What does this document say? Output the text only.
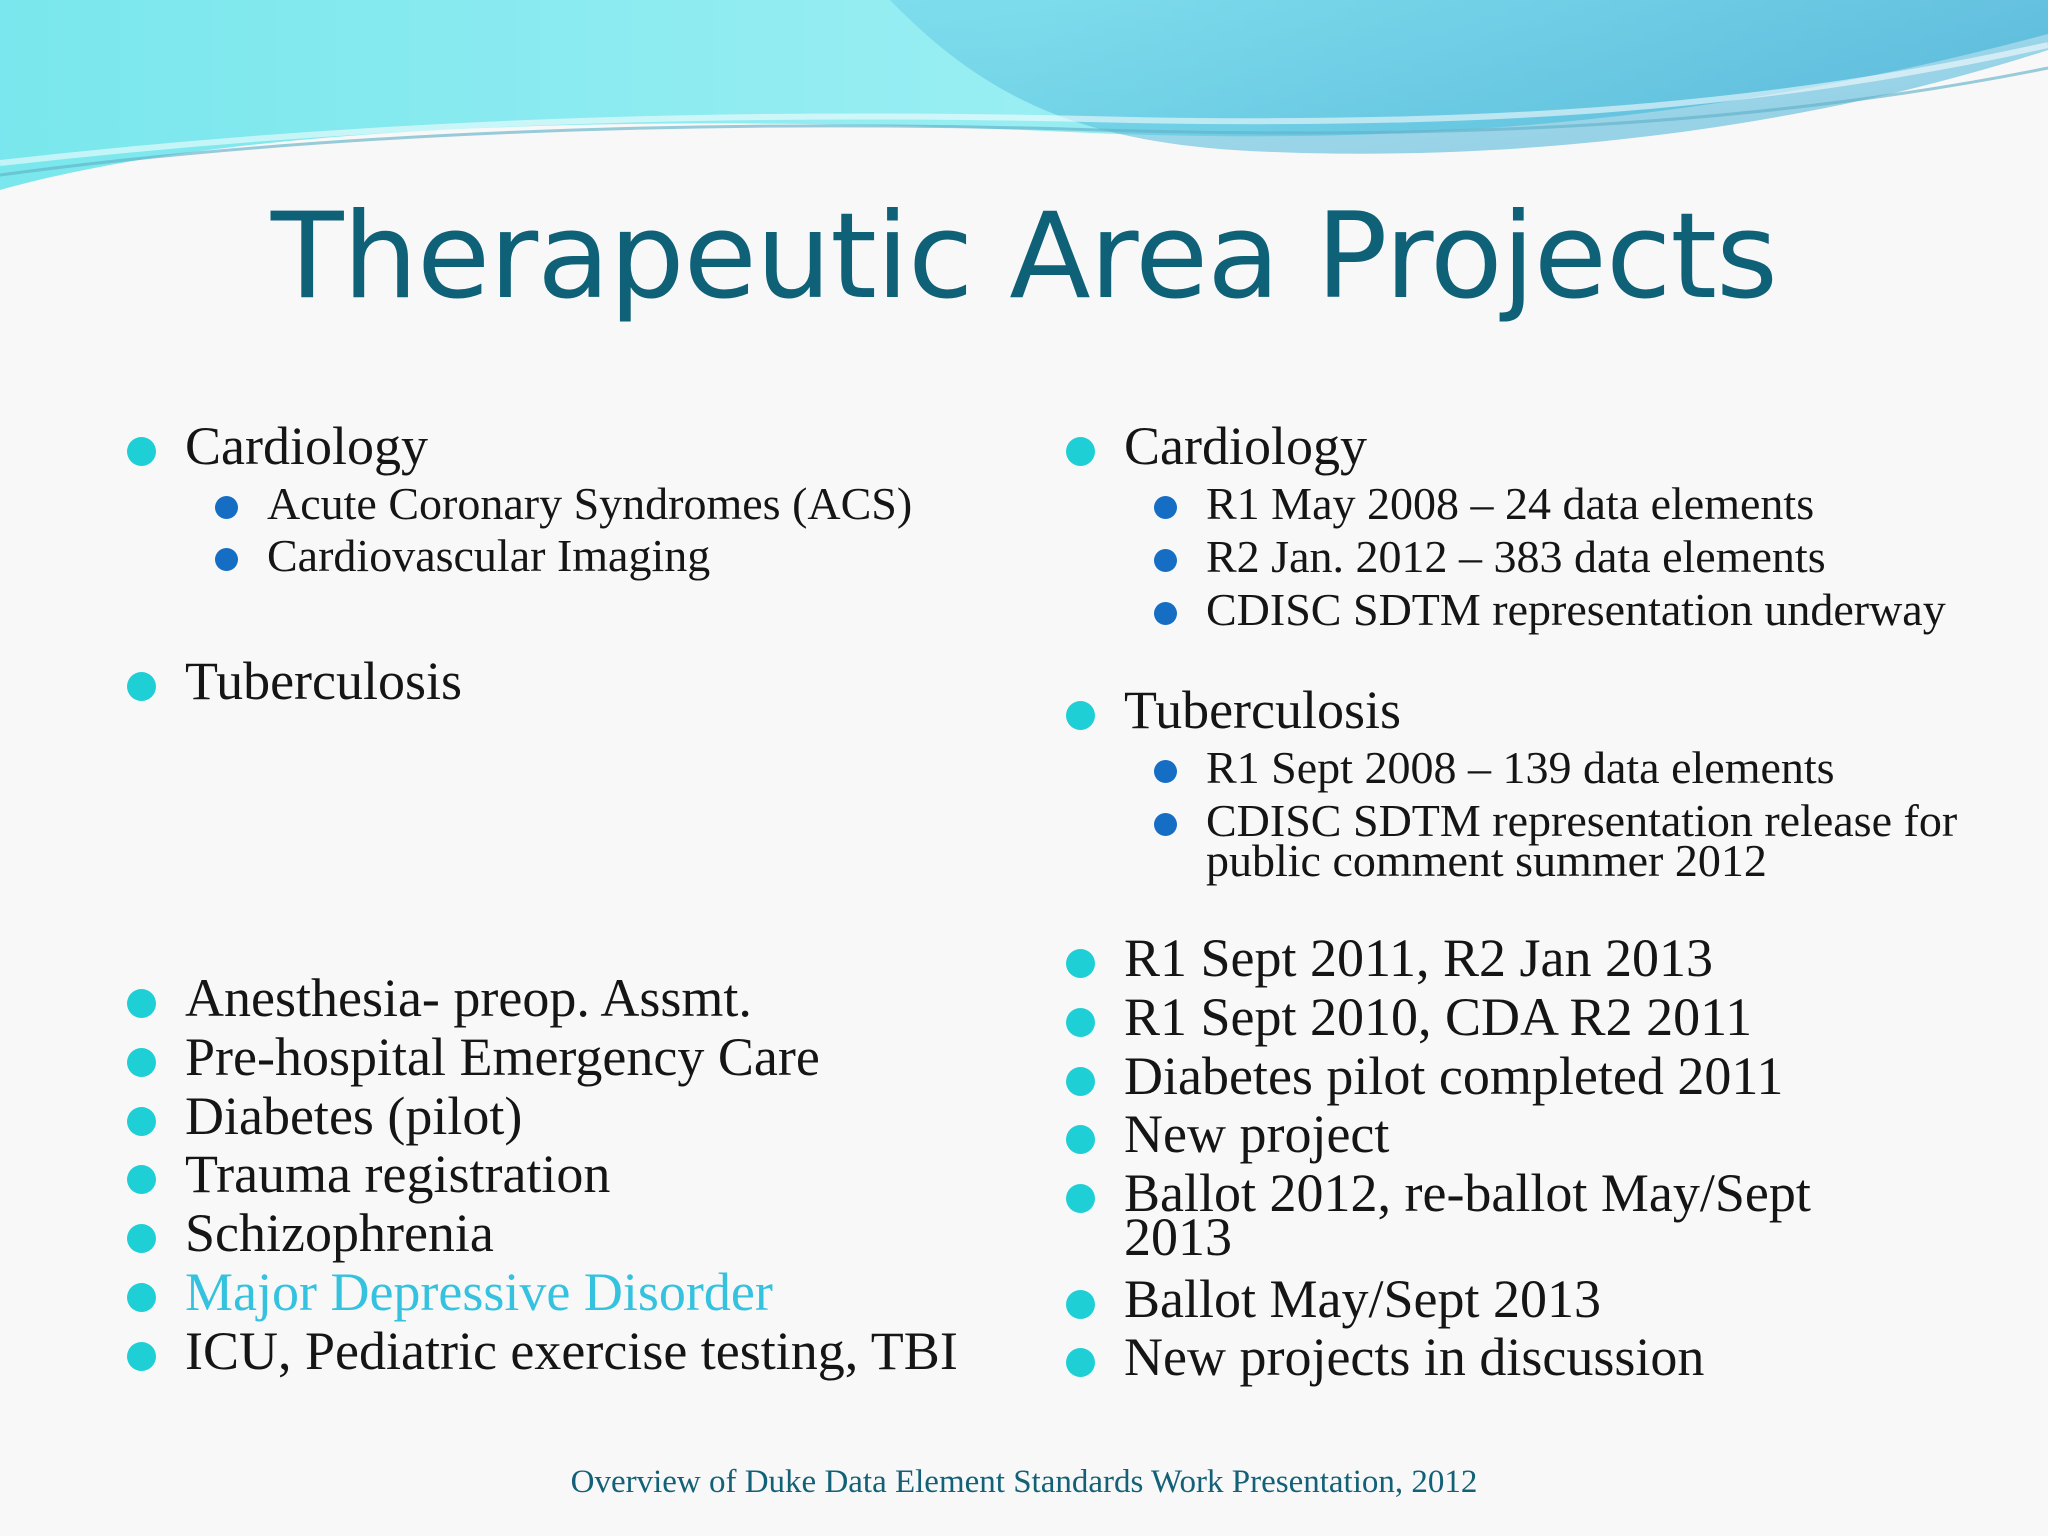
Therapeutic Area Projects
Cardiology
Acute Coronary Syndromes (ACS)
Cardiovascular Imaging
Tuberculosis
Anesthesia- preop. Assmt.
Pre-hospital Emergency Care
Diabetes (pilot)
Trauma registration
Schizophrenia
Major Depressive Disorder
ICU, Pediatric exercise testing, TBI
Cardiology
R1 May 2008 – 24 data elements
R2 Jan. 2012 – 383 data elements
CDISC SDTM representation underway
Tuberculosis
R1 Sept 2008 – 139 data elements
CDISC SDTM representation release for public comment summer 2012
R1 Sept 2011, R2 Jan 2013
R1 Sept 2010, CDA R2 2011
Diabetes pilot completed 2011
New project
Ballot 2012, re-ballot May/Sept 2013
Ballot May/Sept 2013
New projects in discussion
Overview of Duke Data Element Standards Work Presentation, 2012
